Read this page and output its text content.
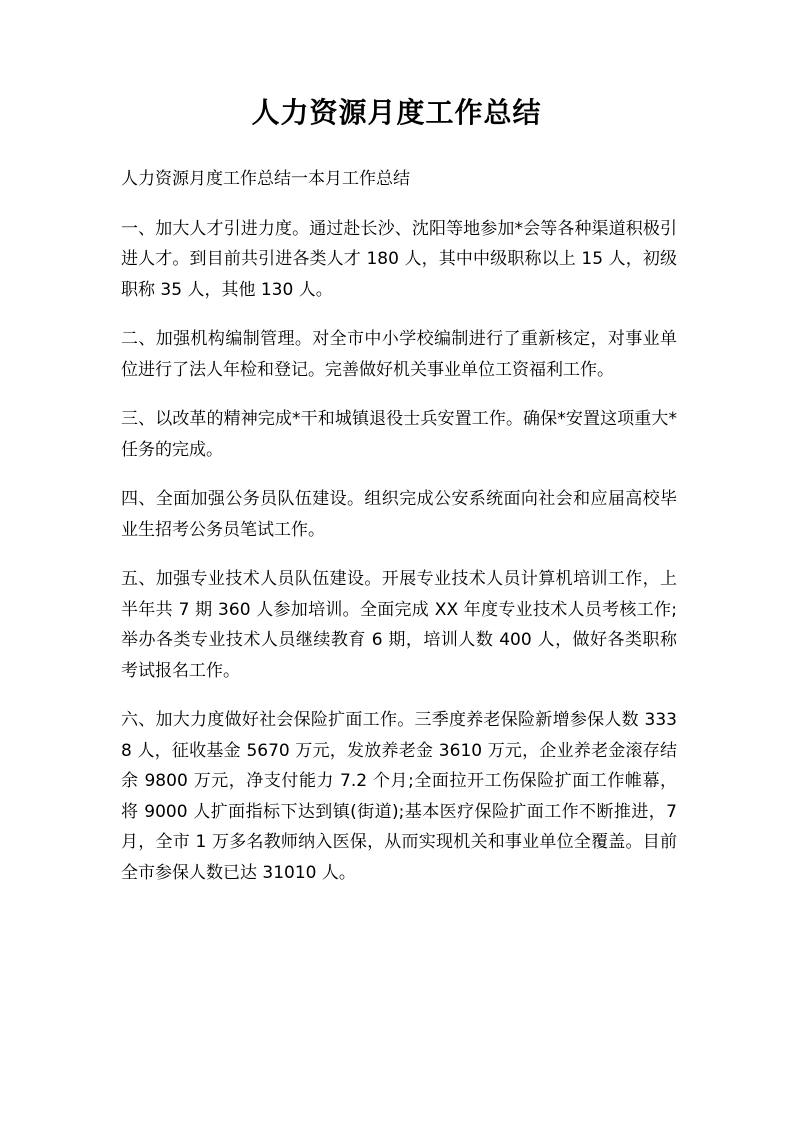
人力资源月度工作总结

人力资源月度工作总结一本月工作总结

一、加大人才引进力度。通过赴长沙、沈阳等地参加*会等各种渠道积极引进人才。到目前共引进各类人才 180 人，其中中级职称以上 15 人，初级职称 35 人，其他 130 人。

二、加强机构编制管理。对全市中小学校编制进行了重新核定，对事业单位进行了法人年检和登记。完善做好机关事业单位工资福利工作。

三、以改革的精神完成*干和城镇退役士兵安置工作。确保*安置这项重大*任务的完成。

四、全面加强公务员队伍建设。组织完成公安系统面向社会和应届高校毕业生招考公务员笔试工作。

五、加强专业技术人员队伍建设。开展专业技术人员计算机培训工作，上半年共 7 期 360 人参加培训。全面完成 XX 年度专业技术人员考核工作;举办各类专业技术人员继续教育 6 期，培训人数 400 人，做好各类职称考试报名工作。

六、加大力度做好社会保险扩面工作。三季度养老保险新增参保人数 3338 人，征收基金 5670 万元，发放养老金 3610 万元，企业养老金滚存结余 9800 万元，净支付能力 7.2 个月;全面拉开工伤保险扩面工作帷幕，将 9000 人扩面指标下达到镇(街道);基本医疗保险扩面工作不断推进，7 月，全市 1 万多名教师纳入医保，从而实现机关和事业单位全覆盖。目前全市参保人数已达 31010 人。
